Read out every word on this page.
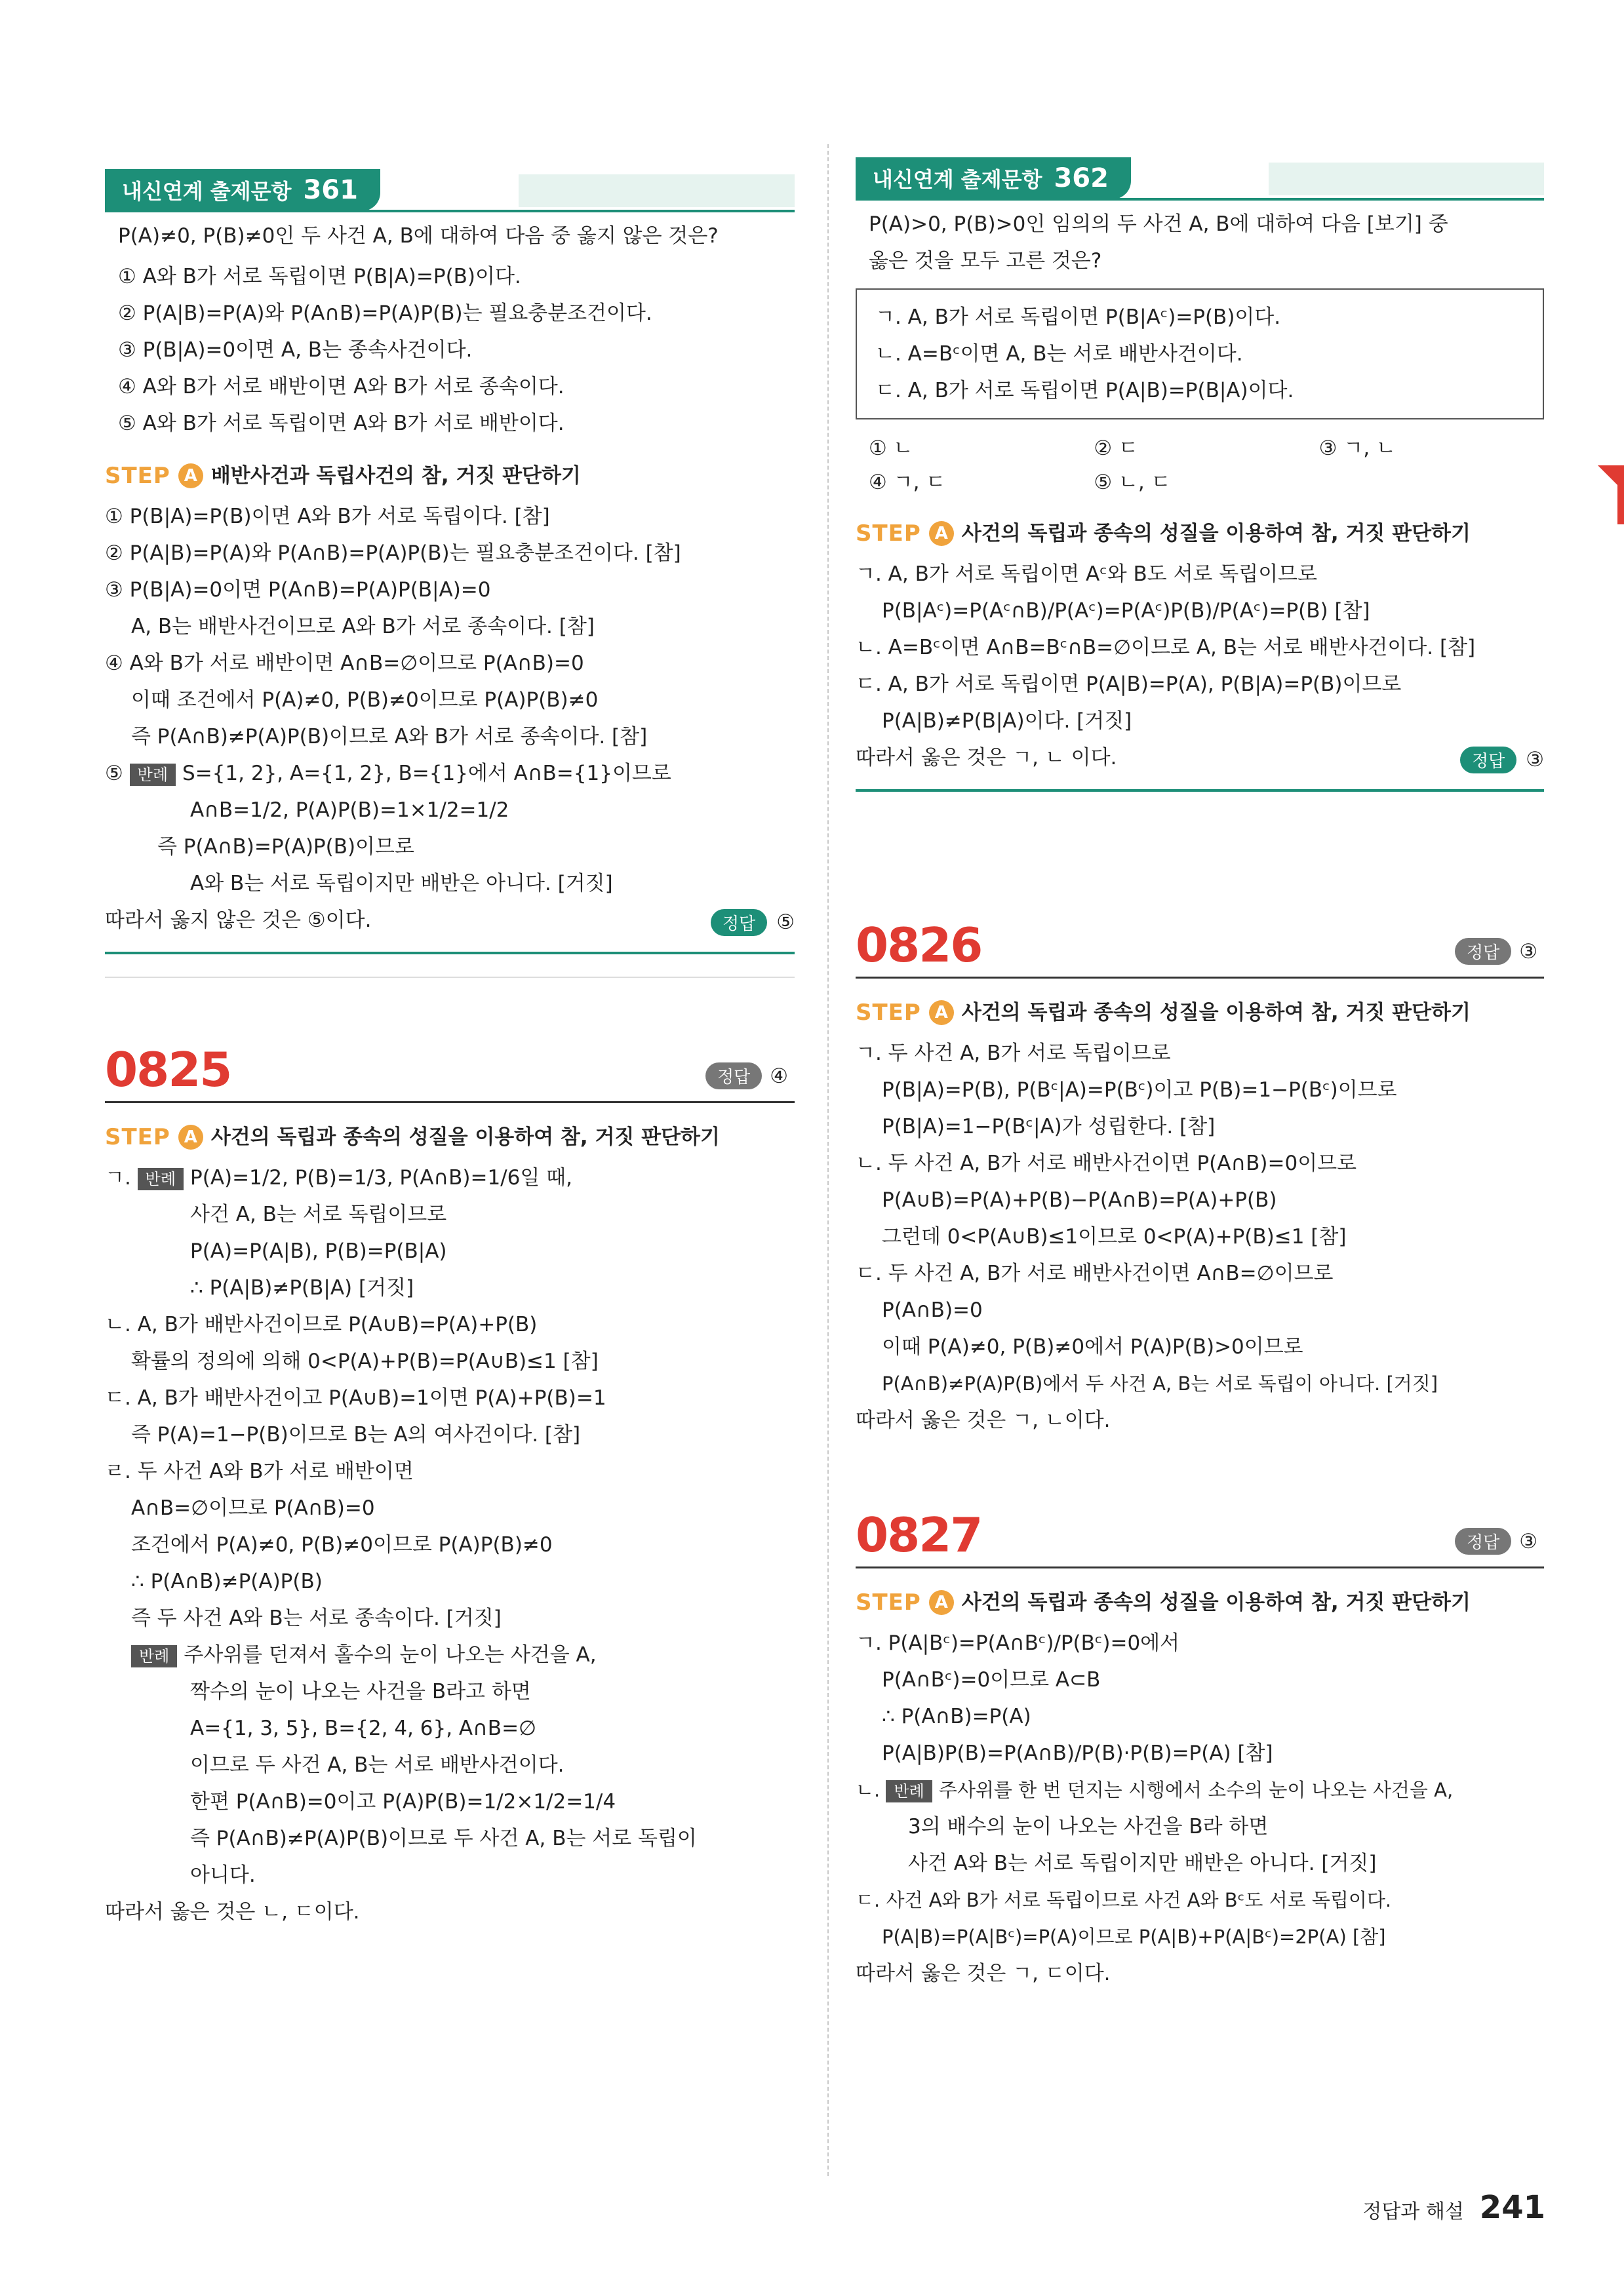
내신연계 출제문항 361

P(A)≠0, P(B)≠0인 두 사건 A, B에 대하여 다음 중 옳지 않은 것은?

① A와 B가 서로 독립이면 P(B|A)=P(B)이다.

② P(A|B)=P(A)와 P(A∩B)=P(A)P(B)는 필요충분조건이다.

③ P(B|A)=0이면 A, B는 종속사건이다.

④ A와 B가 서로 배반이면 A와 B가 서로 종속이다.

⑤ A와 B가 서로 독립이면 A와 B가 서로 배반이다.

STEP A 배반사건과 독립사건의 참, 거짓 판단하기

① P(B|A)=P(B)이면 A와 B가 서로 독립이다. [참]

② P(A|B)=P(A)와 P(A∩B)=P(A)P(B)는 필요충분조건이다. [참]

③ P(B|A)=0이면 P(A∩B)=P(A)P(B|A)=0

A, B는 배반사건이므로 A와 B가 서로 종속이다. [참]

④ A와 B가 서로 배반이면 A∩B=∅이므로 P(A∩B)=0

이때 조건에서 P(A)≠0, P(B)≠0이므로 P(A)P(B)≠0

즉 P(A∩B)≠P(A)P(B)이므로 A와 B가 서로 종속이다. [참]

⑤ 반례 S={1, 2}, A={1, 2}, B={1}에서 A∩B={1}이므로

A∩B=1/2, P(A)P(B)=1×1/2=1/2

즉 P(A∩B)=P(A)P(B)이므로

A와 B는 서로 독립이지만 배반은 아니다. [거짓]

따라서 옳지 않은 것은 ⑤이다.	정답	⑤
0825	정답 ④
STEP A 사건의 독립과 종속의 성질을 이용하여 참, 거짓 판단하기

ㄱ. 반례 P(A)=1/2, P(B)=1/3, P(A∩B)=1/6일 때,

사건 A, B는 서로 독립이므로

P(A)=P(A|B), P(B)=P(B|A)

∴ P(A|B)≠P(B|A) [거짓]

ㄴ. A, B가 배반사건이므로 P(A∪B)=P(A)+P(B)

확률의 정의에 의해 0<P(A)+P(B)=P(A∪B)≤1 [참]

ㄷ. A, B가 배반사건이고 P(A∪B)=1이면 P(A)+P(B)=1

즉 P(A)=1−P(B)이므로 B는 A의 여사건이다. [참]

ㄹ. 두 사건 A와 B가 서로 배반이면

A∩B=∅이므로 P(A∩B)=0

조건에서 P(A)≠0, P(B)≠0이므로 P(A)P(B)≠0

∴ P(A∩B)≠P(A)P(B)

즉 두 사건 A와 B는 서로 종속이다. [거짓]

반례 주사위를 던져서 홀수의 눈이 나오는 사건을 A,

짝수의 눈이 나오는 사건을 B라고 하면

A={1, 3, 5}, B={2, 4, 6}, A∩B=∅

이므로 두 사건 A, B는 서로 배반사건이다.

한편 P(A∩B)=0이고 P(A)P(B)=1/2×1/2=1/4

즉 P(A∩B)≠P(A)P(B)이므로 두 사건 A, B는 서로 독립이

아니다.

따라서 옳은 것은 ㄴ, ㄷ이다.

내신연계 출제문항 362

P(A)>0, P(B)>0인 임의의 두 사건 A, B에 대하여 다음 [보기] 중

옳은 것을 모두 고른 것은?

ㄱ. A, B가 서로 독립이면 P(B|Aᶜ)=P(B)이다.

ㄴ. A=Bᶜ이면 A, B는 서로 배반사건이다.

ㄷ. A, B가 서로 독립이면 P(A|B)=P(B|A)이다.

① ㄴ	② ㄷ	③ ㄱ, ㄴ
④ ㄱ, ㄷ	⑤ ㄴ, ㄷ
STEP A 사건의 독립과 종속의 성질을 이용하여 참, 거짓 판단하기

ㄱ. A, B가 서로 독립이면 Aᶜ와 B도 서로 독립이므로

P(B|Aᶜ)=P(Aᶜ∩B)/P(Aᶜ)=P(Aᶜ)P(B)/P(Aᶜ)=P(B) [참]

ㄴ. A=Bᶜ이면 A∩B=Bᶜ∩B=∅이므로 A, B는 서로 배반사건이다. [참]

ㄷ. A, B가 서로 독립이면 P(A|B)=P(A), P(B|A)=P(B)이므로

P(A|B)≠P(B|A)이다. [거짓]

따라서 옳은 것은 ㄱ, ㄴ 이다.	정답	③
0826	정답 ③
STEP A 사건의 독립과 종속의 성질을 이용하여 참, 거짓 판단하기

ㄱ. 두 사건 A, B가 서로 독립이므로

P(B|A)=P(B), P(Bᶜ|A)=P(Bᶜ)이고 P(B)=1−P(Bᶜ)이므로

P(B|A)=1−P(Bᶜ|A)가 성립한다. [참]

ㄴ. 두 사건 A, B가 서로 배반사건이면 P(A∩B)=0이므로

P(A∪B)=P(A)+P(B)−P(A∩B)=P(A)+P(B)

그런데 0<P(A∪B)≤1이므로 0<P(A)+P(B)≤1 [참]

ㄷ. 두 사건 A, B가 서로 배반사건이면 A∩B=∅이므로

P(A∩B)=0

이때 P(A)≠0, P(B)≠0에서 P(A)P(B)>0이므로

P(A∩B)≠P(A)P(B)에서 두 사건 A, B는 서로 독립이 아니다. [거짓]

따라서 옳은 것은 ㄱ, ㄴ이다.

0827	정답 ③
STEP A 사건의 독립과 종속의 성질을 이용하여 참, 거짓 판단하기

ㄱ. P(A|Bᶜ)=P(A∩Bᶜ)/P(Bᶜ)=0에서

P(A∩Bᶜ)=0이므로 A⊂B

∴ P(A∩B)=P(A)

P(A|B)P(B)=P(A∩B)/P(B)·P(B)=P(A) [참]

ㄴ. 반례 주사위를 한 번 던지는 시행에서 소수의 눈이 나오는 사건을 A,

3의 배수의 눈이 나오는 사건을 B라 하면

사건 A와 B는 서로 독립이지만 배반은 아니다. [거짓]

ㄷ. 사건 A와 B가 서로 독립이므로 사건 A와 Bᶜ도 서로 독립이다.

P(A|B)=P(A|Bᶜ)=P(A)이므로 P(A|B)+P(A|Bᶜ)=2P(A) [참]

따라서 옳은 것은 ㄱ, ㄷ이다.

정답과 해설 241
